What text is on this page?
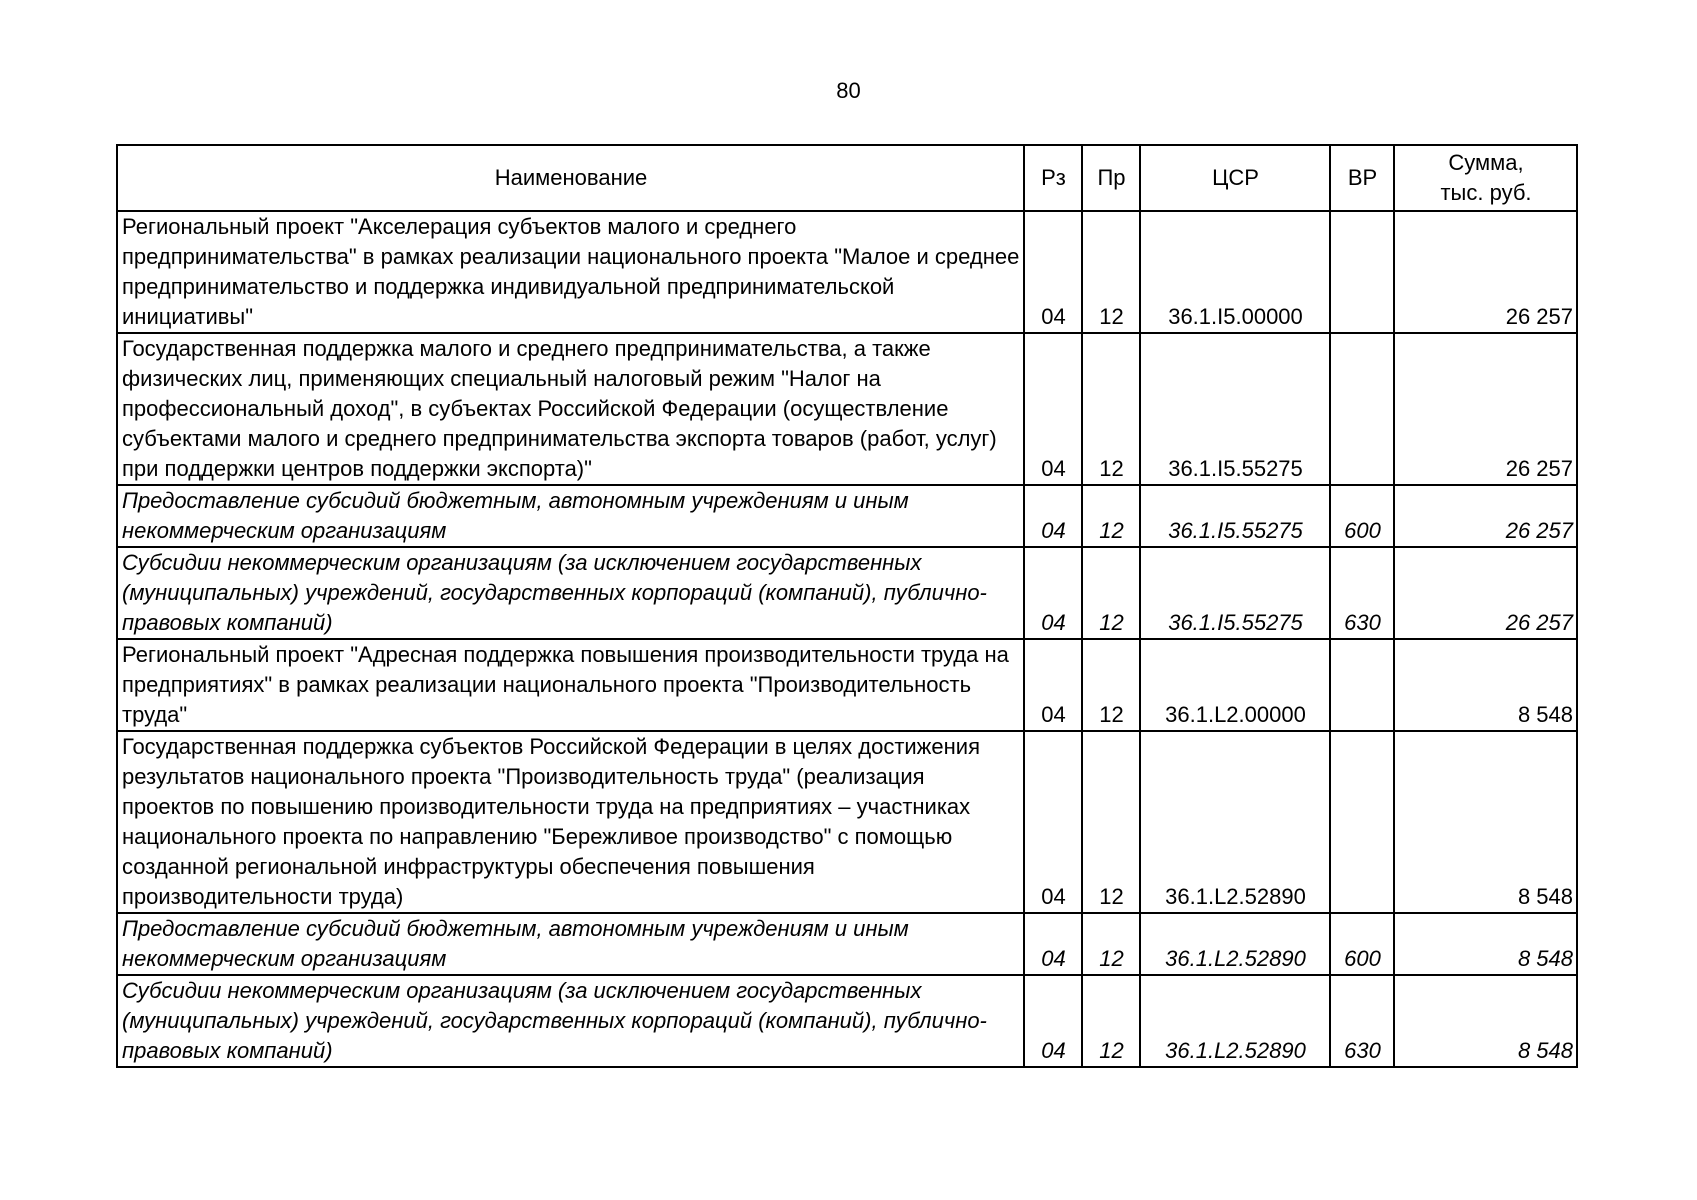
80
Наименование	Рз	Пр	ЦСР	ВР	Сумма,
тыс. руб.
Региональный проект "Акселерация субъектов малого и среднего предпринимательства" в рамках реализации национального проекта "Малое и среднее предпринимательство и поддержка индивидуальной предпринимательской инициативы"	04	12	36.1.I5.00000		26 257
Государственная поддержка малого и среднего предпринимательства, а также физических лиц, применяющих специальный налоговый режим "Налог на профессиональный доход", в субъектах Российской Федерации (осуществление субъектами малого и среднего предпринимательства экспорта товаров (работ, услуг) при поддержки центров поддержки экспорта)"	04	12	36.1.I5.55275		26 257
Предоставление субсидий бюджетным, автономным учреждениям и иным некоммерческим организациям	04	12	36.1.I5.55275	600	26 257
Субсидии некоммерческим организациям (за исключением государственных (муниципальных) учреждений, государственных корпораций (компаний), публично-правовых компаний)	04	12	36.1.I5.55275	630	26 257
Региональный проект "Адресная поддержка повышения производительности труда на предприятиях" в рамках реализации национального проекта "Производительность труда"	04	12	36.1.L2.00000		8 548
Государственная поддержка субъектов Российской Федерации в целях достижения результатов национального проекта "Производительность труда" (реализация проектов по повышению производительности труда на предприятиях – участниках национального проекта по направлению "Бережливое производство" с помощью созданной региональной инфраструктуры обеспечения повышения производительности труда)	04	12	36.1.L2.52890		8 548
Предоставление субсидий бюджетным, автономным учреждениям и иным некоммерческим организациям	04	12	36.1.L2.52890	600	8 548
Субсидии некоммерческим организациям (за исключением государственных (муниципальных) учреждений, государственных корпораций (компаний), публично-правовых компаний)	04	12	36.1.L2.52890	630	8 548
